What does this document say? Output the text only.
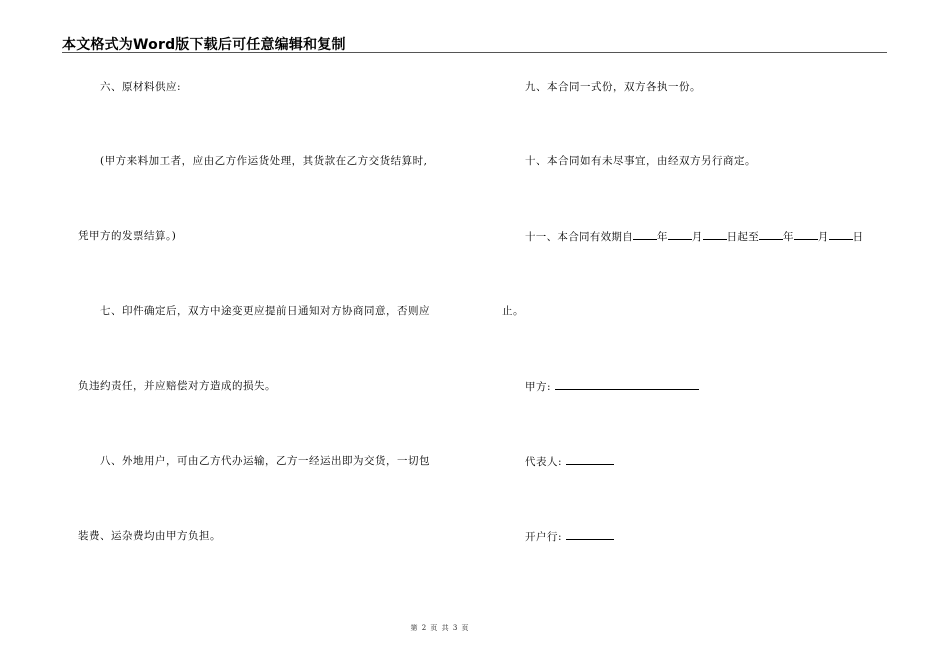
本文格式为Word版下载后可任意编辑和复制
六、原材料供应:
(甲方来料加工者，应由乙方作运货处理，其货款在乙方交货结算时,
凭甲方的发票结算。)
七、印件确定后，双方中途变更应提前日通知对方协商同意，否则应
负违约责任，并应赔偿对方造成的损失。
八、外地用户，可由乙方代办运输，乙方一经运出即为交货，一切包
装费、运杂费均由甲方负担。
九、本合同一式份，双方各执一份。
十、本合同如有未尽事宜，由经双方另行商定。
十一、本合同有效期自 年 月 日起至 年 月 日
止。
甲方:
代表人:
开户行:
第 2 页 共 3 页
